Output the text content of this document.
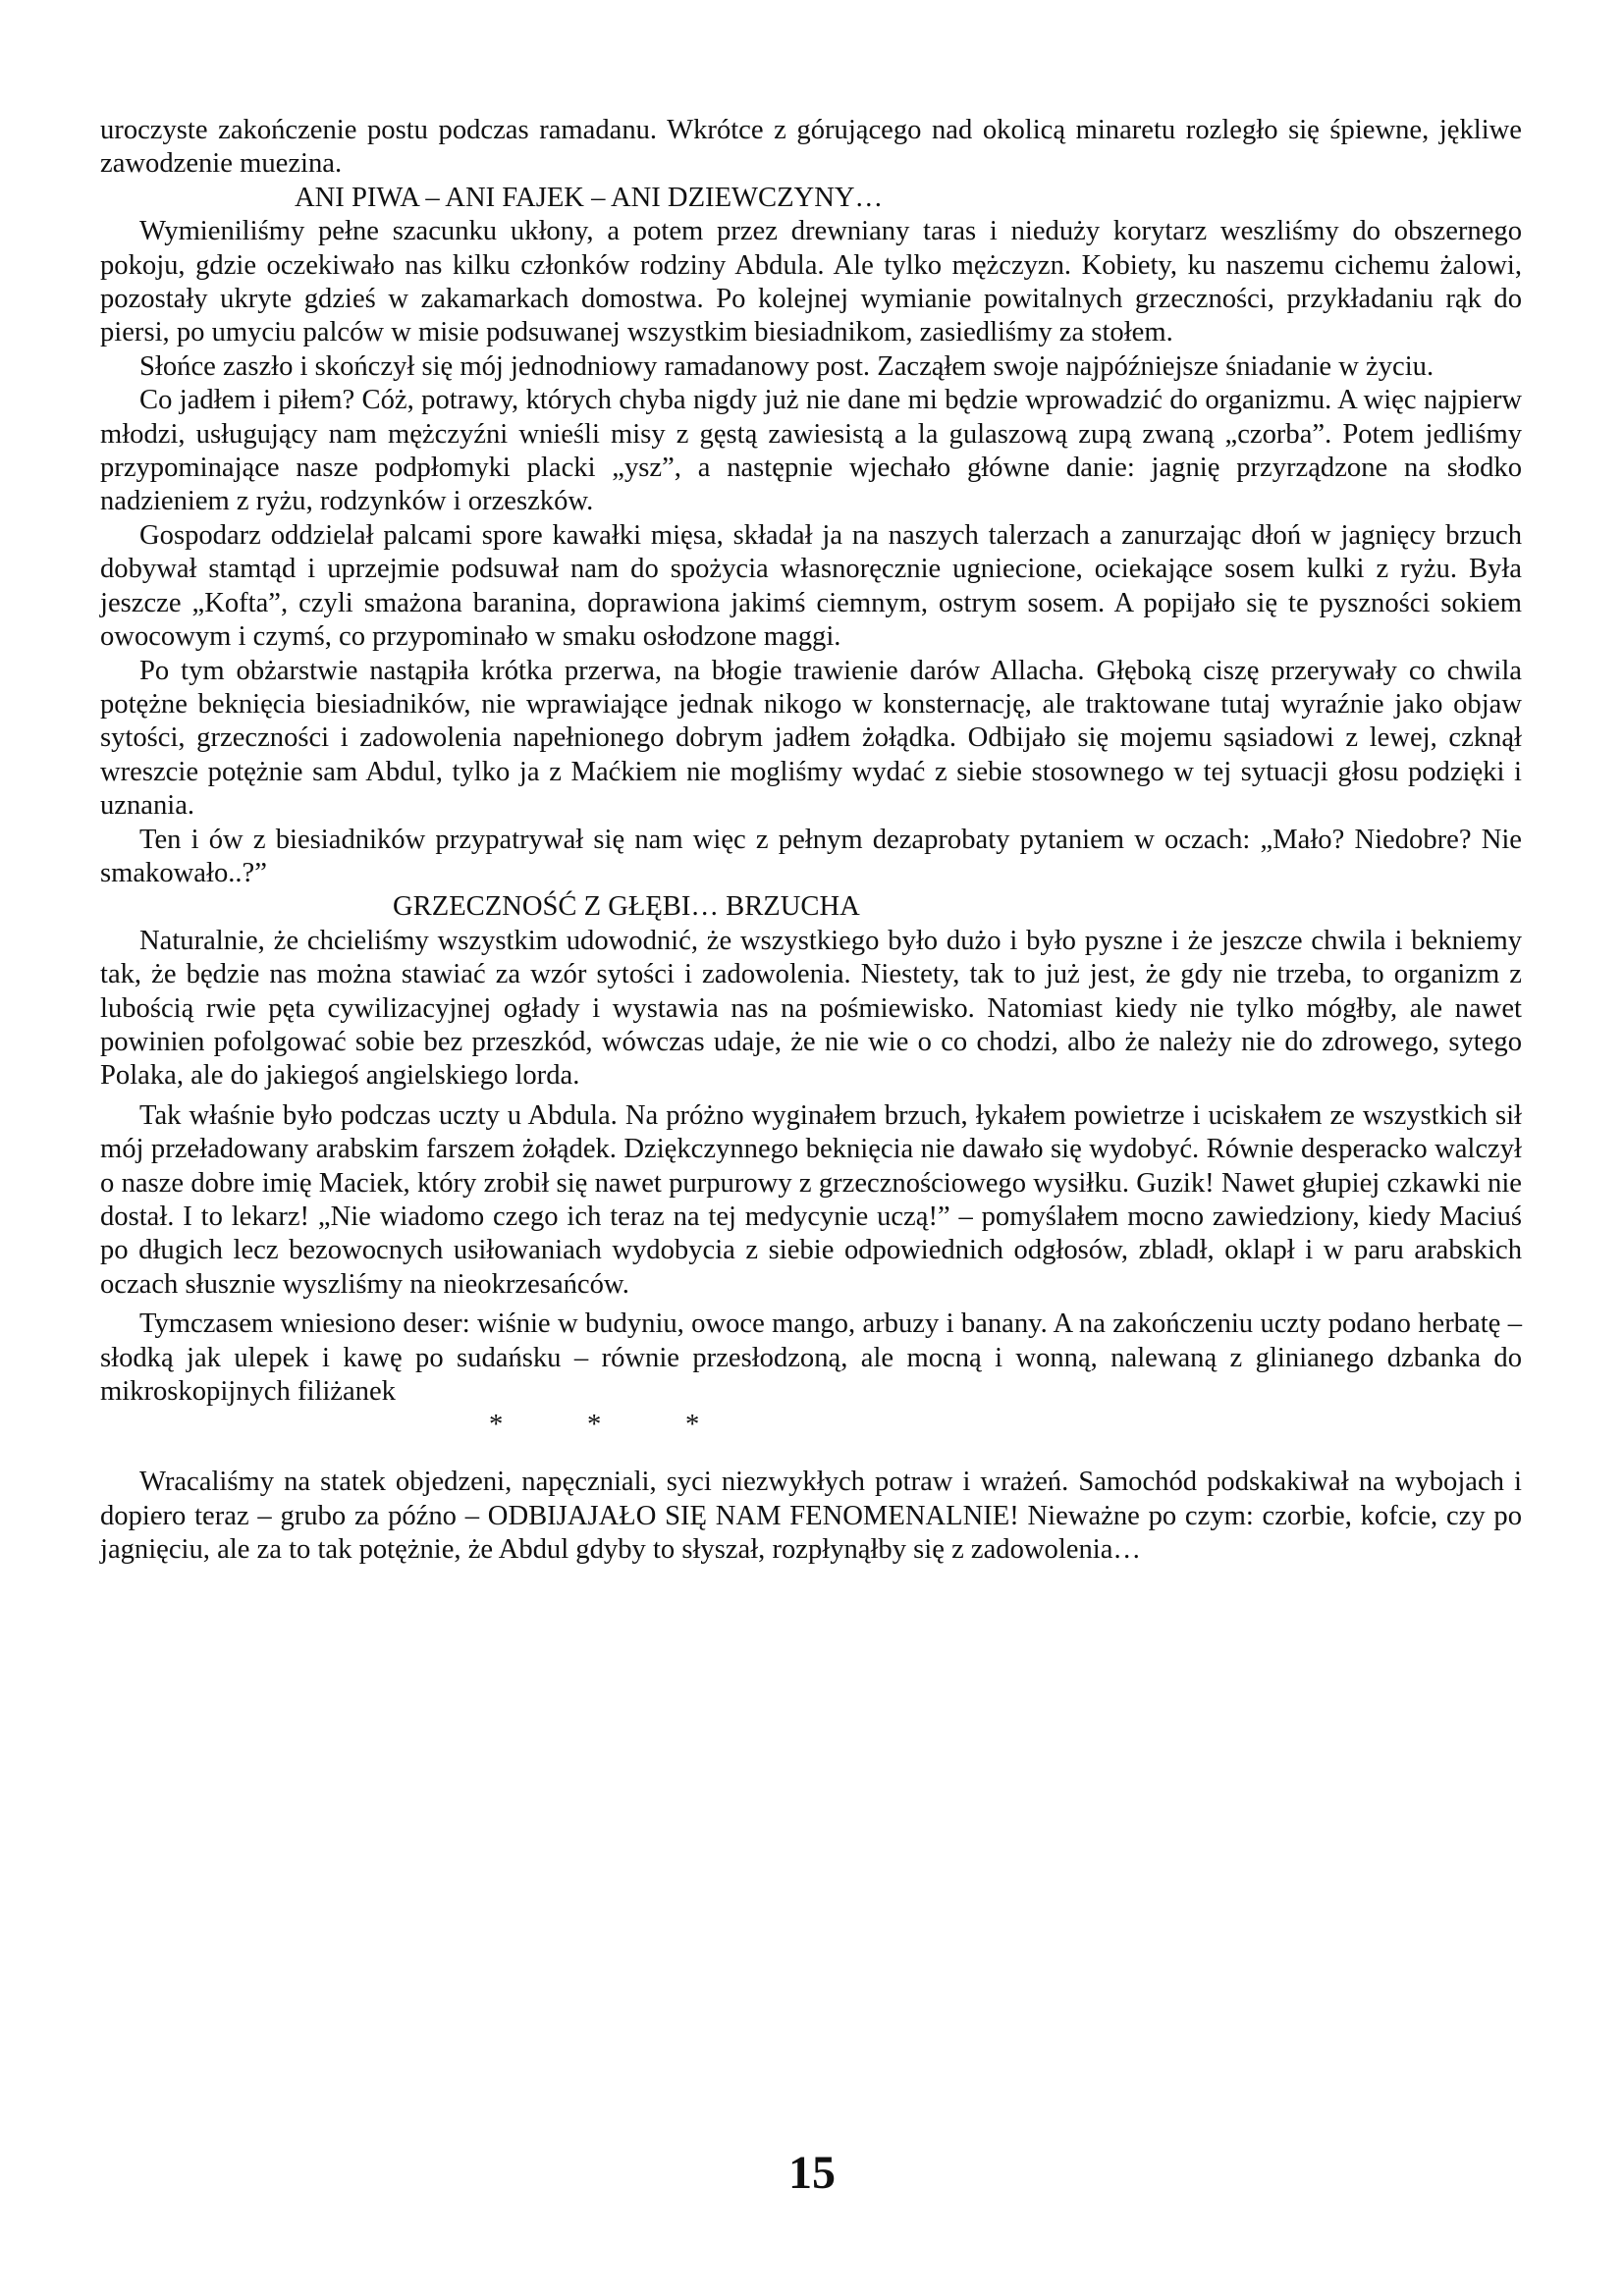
uroczyste zakończenie postu podczas ramadanu. Wkrótce z górującego nad okolicą minaretu rozległo się śpiewne, jękliwe zawodzenie muezina.

ANI PIWA – ANI FAJEK – ANI DZIEWCZYNY…

Wymieniliśmy pełne szacunku ukłony, a potem przez drewniany taras i nieduży korytarz weszliśmy do obszernego pokoju, gdzie oczekiwało nas kilku członków rodziny Abdula. Ale tylko mężczyzn. Kobiety, ku naszemu cichemu żalowi, pozostały ukryte gdzieś w zakamarkach domostwa. Po kolejnej wymianie powitalnych grzeczności, przykładaniu rąk do piersi, po umyciu palców w misie podsuwanej wszystkim biesiadnikom, zasiedliśmy za stołem.

Słońce zaszło i skończył się mój jednodniowy ramadanowy post. Zacząłem swoje najpóźniejsze śniadanie w życiu.

Co jadłem i piłem? Cóż, potrawy, których chyba nigdy już nie dane mi będzie wprowadzić do organizmu. A więc najpierw młodzi, usługujący nam mężczyźni wnieśli misy z gęstą zawiesistą a la gulaszową zupą zwaną „czorba”. Potem jedliśmy przypominające nasze podpłomyki placki „ysz”, a następnie wjechało główne danie: jagnię przyrządzone na słodko nadzieniem z ryżu, rodzynków i orzeszków.

Gospodarz oddzielał palcami spore kawałki mięsa, składał ja na naszych talerzach a zanurzając dłoń w jagnięcy brzuch dobywał stamtąd i uprzejmie podsuwał nam do spożycia własnoręcznie ugniecione, ociekające sosem kulki z ryżu. Była jeszcze „Kofta”, czyli smażona baranina, doprawiona jakimś ciemnym, ostrym sosem. A popijało się te pyszności sokiem owocowym i czymś, co przypominało w smaku osłodzone maggi.

Po tym obżarstwie nastąpiła krótka przerwa, na błogie trawienie darów Allacha. Głęboką ciszę przerywały co chwila potężne beknięcia biesiadników, nie wprawiające jednak nikogo w konsternację, ale traktowane tutaj wyraźnie jako objaw sytości, grzeczności i zadowolenia napełnionego dobrym jadłem żołądka. Odbijało się mojemu sąsiadowi z lewej, czknął wreszcie potężnie sam Abdul, tylko ja z Maćkiem nie mogliśmy wydać z siebie stosownego w tej sytuacji głosu podzięki i uznania.

Ten i ów z biesiadników przypatrywał się nam więc z pełnym dezaprobaty pytaniem w oczach: „Mało? Niedobre? Nie smakowało..?”

GRZECZNOŚĆ Z GŁĘBI… BRZUCHA

Naturalnie, że chcieliśmy wszystkim udowodnić, że wszystkiego było dużo i było pyszne i że jeszcze chwila i bekniemy tak, że będzie nas można stawiać za wzór sytości i zadowolenia. Niestety, tak to już jest, że gdy nie trzeba, to organizm z lubością rwie pęta cywilizacyjnej ogłady i wystawia nas na pośmiewisko. Natomiast kiedy nie tylko mógłby, ale nawet powinien pofolgować sobie bez przeszkód, wówczas udaje, że nie wie o co chodzi, albo że należy nie do zdrowego, sytego Polaka, ale do jakiegoś angielskiego lorda.

Tak właśnie było podczas uczty u Abdula. Na próżno wyginałem brzuch, łykałem powietrze i uciskałem ze wszystkich sił mój przeładowany arabskim farszem żołądek. Dziękczynnego beknięcia nie dawało się wydobyć. Równie desperacko walczył o nasze dobre imię Maciek, który zrobił się nawet purpurowy z grzecznościowego wysiłku. Guzik! Nawet głupiej czkawki nie dostał. I to lekarz! „Nie wiadomo czego ich teraz na tej medycynie uczą!” – pomyślałem mocno zawiedziony, kiedy Maciuś po długich lecz bezowocnych usiłowaniach wydobycia z siebie odpowiednich odgłosów, zbladł, oklapł i w paru arabskich oczach słusznie wyszliśmy na nieokrzesańców.

Tymczasem wniesiono deser: wiśnie w budyniu, owoce mango, arbuzy i banany. A na zakończeniu uczty podano herbatę – słodką jak ulepek i kawę po sudańsku – równie przesłodzoną, ale mocną i wonną, nalewaną z glinianego dzbanka do mikroskopijnych filiżanek

*	*	*

Wracaliśmy na statek objedzeni, napęczniali, syci niezwykłych potraw i wrażeń. Samochód podskakiwał na wybojach i dopiero teraz – grubo za późno – ODBIJAJAŁO SIĘ NAM FENOMENALNIE! Nieważne po czym: czorbie, kofcie, czy po jagnięciu, ale za to tak potężnie, że Abdul gdyby to słyszał, rozpłynąłby się z zadowolenia…

15
